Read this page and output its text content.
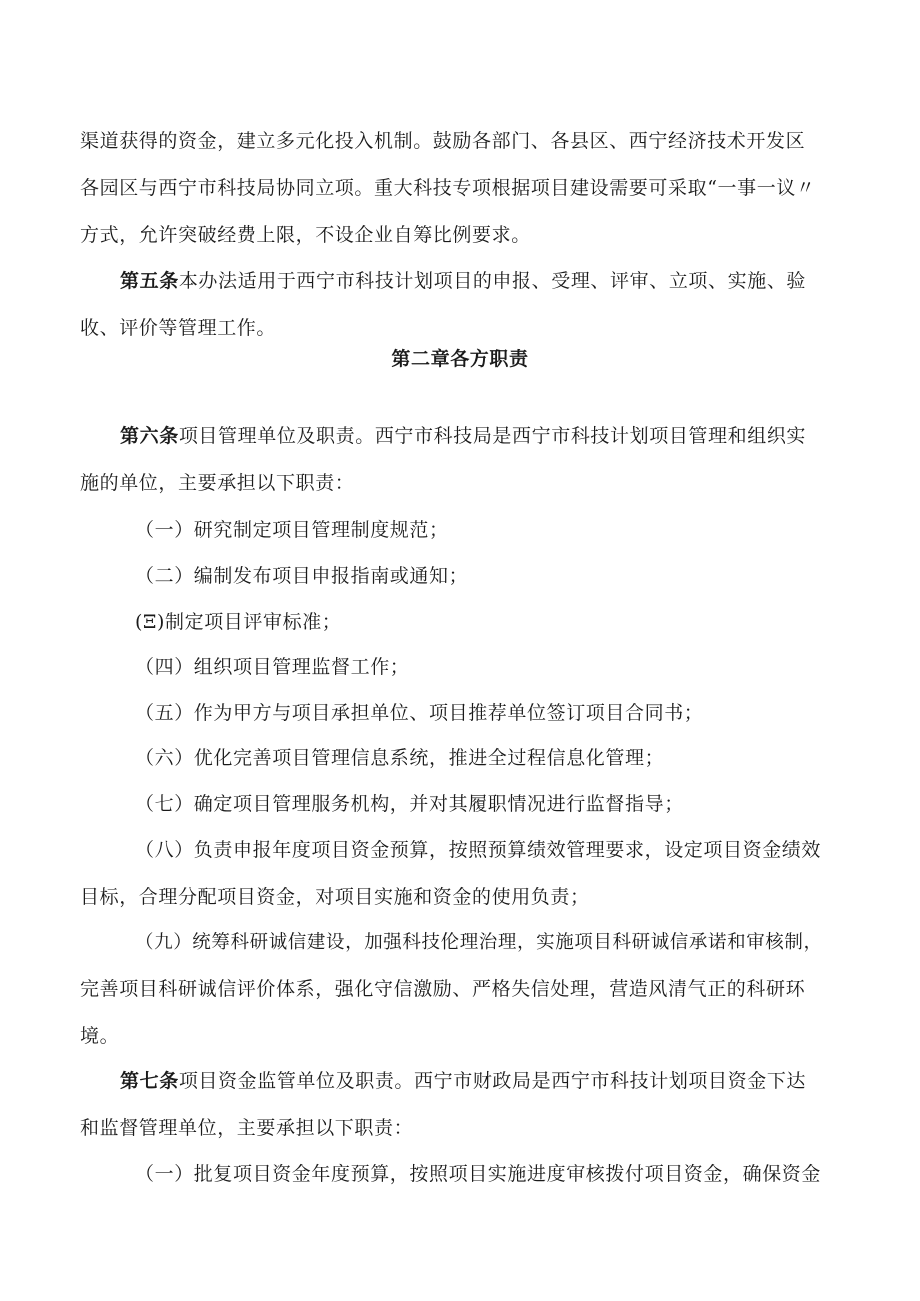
渠道获得的资金，建立多元化投入机制。鼓励各部门、各县区、西宁经济技术开发区
各园区与西宁市科技局协同立项。重大科技专项根据项目建设需要可采取“一事一议〃
方式，允许突破经费上限，不设企业自筹比例要求。
第五条本办法适用于西宁市科技计划项目的申报、受理、评审、立项、实施、验
收、评价等管理工作。
第二章各方职责
第六条项目管理单位及职责。西宁市科技局是西宁市科技计划项目管理和组织实
施的单位，主要承担以下职责：
（一）研究制定项目管理制度规范；
（二）编制发布项目申报指南或通知；
(Ξ)制定项目评审标准；
（四）组织项目管理监督工作；
（五）作为甲方与项目承担单位、项目推荐单位签订项目合同书；
（六）优化完善项目管理信息系统，推进全过程信息化管理；
（七）确定项目管理服务机构，并对其履职情况进行监督指导；
（八）负责申报年度项目资金预算，按照预算绩效管理要求，设定项目资金绩效
目标，合理分配项目资金，对项目实施和资金的使用负责；
（九）统筹科研诚信建设，加强科技伦理治理，实施项目科研诚信承诺和审核制，
完善项目科研诚信评价体系，强化守信激励、严格失信处理，营造风清气正的科研环
境。
第七条项目资金监管单位及职责。西宁市财政局是西宁市科技计划项目资金下达
和监督管理单位，主要承担以下职责：
（一）批复项目资金年度预算，按照项目实施进度审核拨付项目资金，确保资金
